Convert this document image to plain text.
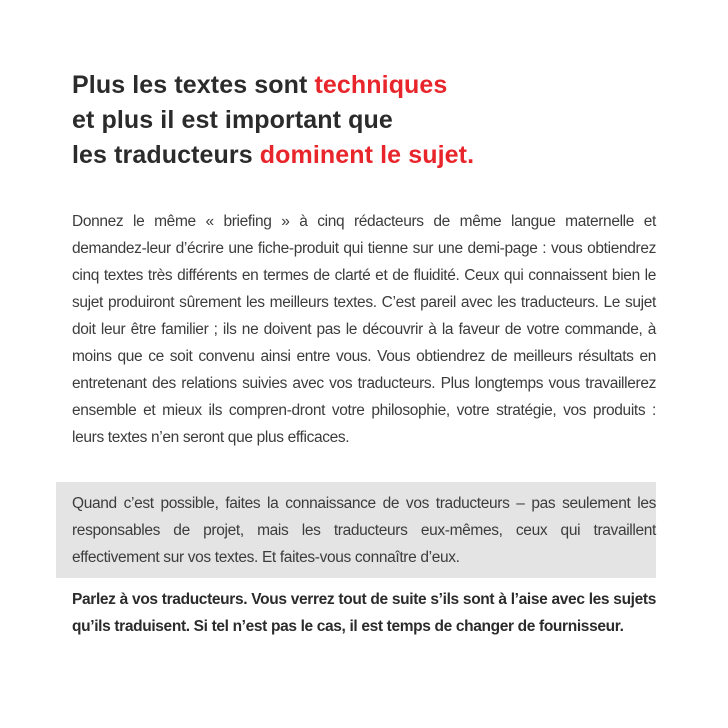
Plus les textes sont techniques
et plus il est important que
les traducteurs dominent le sujet.

Donnez le même « briefing » à cinq rédacteurs de même langue maternelle et demandez-leur d’écrire une fiche-produit qui tienne sur une demi-page : vous obtiendrez cinq textes très différents en termes de clarté et de fluidité. Ceux qui connaissent bien le sujet produiront sûrement les meilleurs textes. C’est pareil avec les traducteurs. Le sujet doit leur être familier ; ils ne doivent pas le découvrir à la faveur de votre commande, à moins que ce soit convenu ainsi entre vous. Vous obtiendrez de meilleurs résultats en entretenant des relations suivies avec vos traducteurs. Plus longtemps vous travaillerez ensemble et mieux ils compren-dront votre philosophie, votre stratégie, vos produits : leurs textes n’en seront que plus efficaces.

Quand c’est possible, faites la connaissance de vos traducteurs – pas seulement les responsables de projet, mais les traducteurs eux-mêmes, ceux qui travaillent effectivement sur vos textes. Et faites-vous connaître d’eux.

Parlez à vos traducteurs. Vous verrez tout de suite s’ils sont à l’aise avec les sujets qu’ils traduisent. Si tel n’est pas le cas, il est temps de changer de fournisseur.
